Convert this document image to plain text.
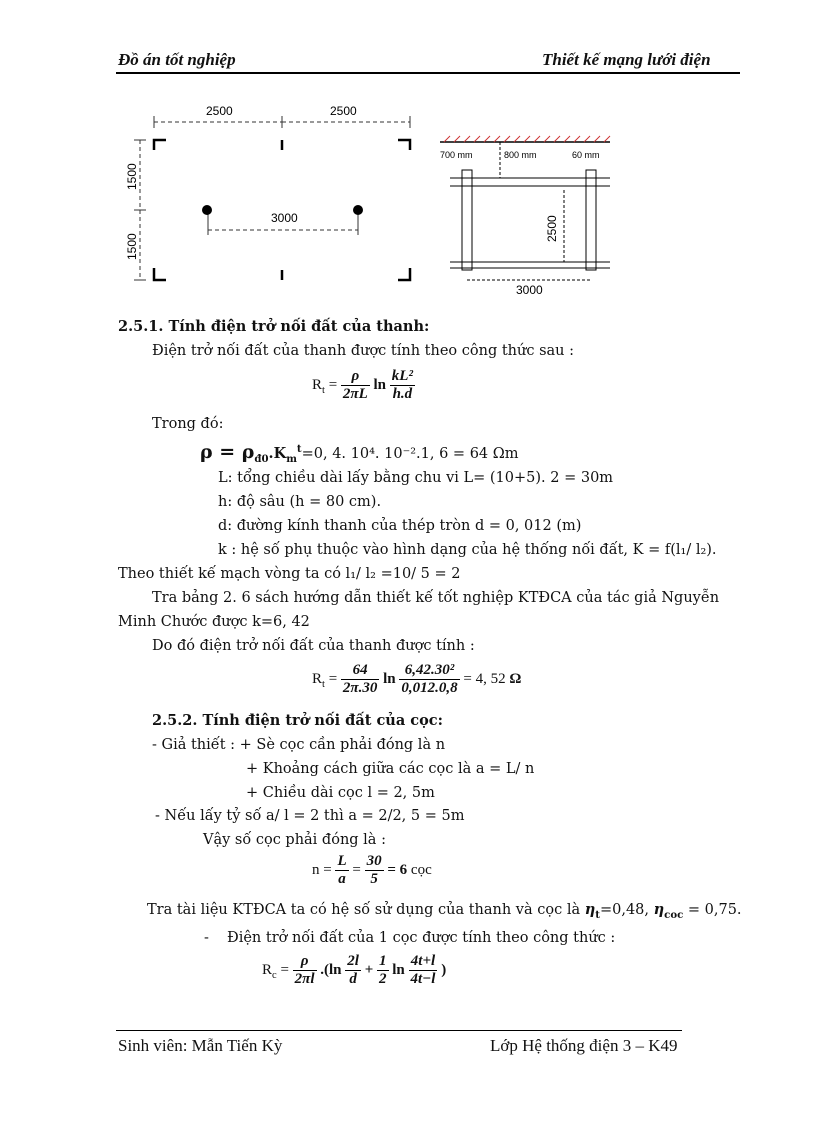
Đồ án tốt nghiệp	Thiết kế mạng lưới điện
2500	2500
3000
1500
1500
700 mm	800 mm	60 mm
2500
3000
2.5.1. Tính điện trở nối đất của thanh:
Điện trở nối đất của thanh được tính theo công thức sau :
$R_t = \frac{\rho}{2\pi L}$ $\ln \frac{\text{kL²}}{h.d}$
Trong đó:
$\rho = \rho_{đ0}.K_m^t=0$, 4. 10⁴. 10⁻².1, 6 = 64 Ωm
L: tổng chiều dài lấy bằng chu vi L= (10+5). 2 = 30m
h: độ sâu (h = 80 cm).
d: đường kính thanh của thép tròn d = 0, 012 (m)
k : hệ số phụ thuộc vào hình dạng của hệ thống nối đất, K = f(l₁/ l₂).
Theo thiết kế mạch vòng ta có l₁/ l₂ =10/ 5 = 2
Tra bảng 2. 6 sách hướng dẫn thiết kế tốt nghiệp KTĐCA của tác giả Nguyễn
Minh Chước được k=6, 42
Do đó điện trở nối đất của thanh được tính :
$R_t = \frac{64}{2\pi.30}$ $\ln \frac{\text{6,42.30²}}{0,012.0,8} = 4$, 52 Ω
2.5.2. Tính điện trở nối đất của cọc:
- Giả thiết : + Sè cọc cần phải đóng là n
+ Khoảng cách giữa các cọc là a = L/ n
+ Chiều dài cọc l = 2, 5m
- Nếu lấy tỷ số a/ l = 2 thì a = 2/2, 5 = 5m
Vậy số cọc phải đóng là :
$n = \frac{L}{a} = \frac{30}{5} = 6$ cọc
Tra tài liệu KTĐCA ta có hệ số sử dụng của thanh và cọc là $\eta_t=0,48$, $\eta_{coc} = 0,75$.
- Điện trở nối đất của 1 cọc được tính theo công thức :
$R_c = \frac{\rho}{2\pi l} .(\ln \frac{2l}{d} + \frac{1}{2}$ $\ln \frac{4t+l}{4t-l}$ )
Sinh viên: Mẫn Tiến Kỳ	Lớp Hệ thống điện 3 – K49
